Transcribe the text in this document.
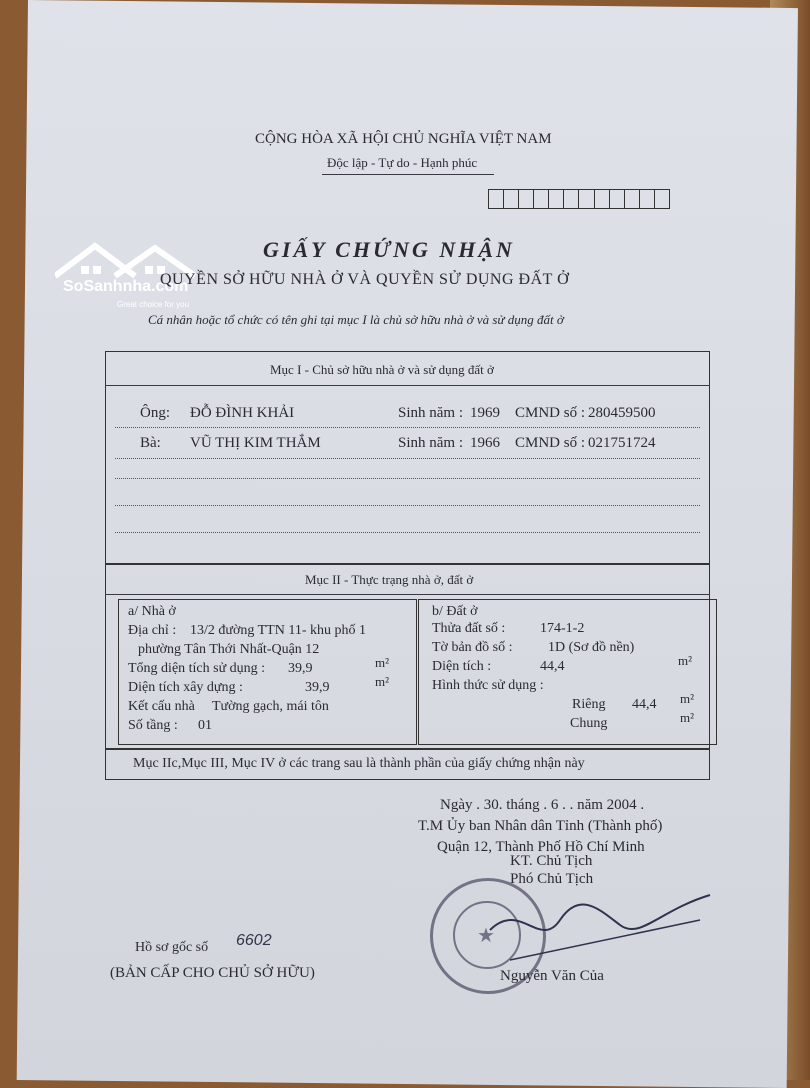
SoSanhnha.com
Great choice for you
CỘNG HÒA XÃ HỘI CHỦ NGHĨA VIỆT NAM
Độc lập - Tự do - Hạnh phúc
GIẤY CHỨNG NHẬN
QUYỀN SỞ HỮU NHÀ Ở VÀ QUYỀN SỬ DỤNG ĐẤT Ở
Cá nhân hoặc tổ chức có tên ghi tại mục I là chủ sở hữu nhà ở và sử dụng đất ở
Mục I - Chủ sở hữu nhà ở và sử dụng đất ở
Ông: ĐỖ ĐÌNH KHẢI	Sinh năm : 1969 CMND số : 280459500
Bà: VŨ THỊ KIM THẮM	Sinh năm : 1966 CMND số : 021751724
Mục II - Thực trạng nhà ở, đất ở
a/ Nhà ở
Địa chỉ : 13/2 đường TTN 11- khu phố 1
phường Tân Thới Nhất-Quận 12
Tổng diện tích sử dụng : 39,9	m²
Diện tích xây dựng :	39,9	m²
Kết cấu nhà Tường gạch, mái tôn
Số tầng : 01
b/ Đất ở
Thửa đất số : 174-1-2
Tờ bản đồ số :	1D (Sơ đồ nền)
Diện tích :	44,4	m²
Hình thức sử dụng :
Riêng 44,4 m²
Chung	m²
Mục IIc,Mục III, Mục IV ở các trang sau là thành phần của giấy chứng nhận này
Ngày . 30. tháng . 6 . . năm 2004 .
T.M Ủy ban Nhân dân Tỉnh (Thành phố)
Quận 12, Thành Phố Hồ Chí Minh
KT. Chủ Tịch
Phó Chủ Tịch
★
Nguyễn Văn Của
Hồ sơ gốc số 6602
(BẢN CẤP CHO CHỦ SỞ HỮU)
